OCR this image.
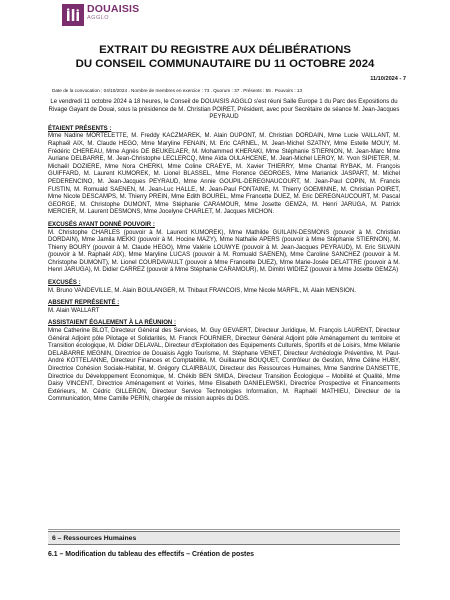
DOUAISIS
AGGLO
EXTRAIT DU REGISTRE AUX DÉLIBÉRATIONS
DU CONSEIL COMMUNAUTAIRE DU 11 OCTOBRE 2024
11/10/2024 - 7
Date de la convocation : 04/10/2024 . Nombre de membres en exercice : 73 . Quorum : 37 . Présents : 55 . Pouvoirs : 13

Le vendredi 11 octobre 2024 à 18 heures, le Conseil de DOUAISIS AGGLO s'est réuni Salle Europe 1 du Parc des Expositions du Rivage Gayant de Douai, sous la présidence de M. Christian POIRET, Président, avec pour Secrétaire de séance M. Jean-Jacques PEYRAUD

ÉTAIENT PRÉSENTS :

Mme Nadine MORTELETTE, M. Freddy KACZMAREK, M. Alain DUPONT, M. Christian DORDAIN, Mme Lucie VAILLANT, M. Raphaël AIX, M. Claude HEGO, Mme Maryline FENAIN, M. Eric CARNEL, M. Jean-Michel SZATNY, Mme Estelle MOUY, M. Frédéric CHEREAU, Mme Agnès DE BEUKELAER, M. Mohammed KHERAKI, Mme Stéphanie STIERNON, M. Jean-Marc Mme Auriane DELBARRE, M. Jean-Christophe LECLERCQ, Mme Aïda OULAHCENE, M. Jean-Michel LEROY, M. Yvon SIPIETER, M. Michaël DOZIERE, Mme Nora CHERKI, Mme Coline CRAEYE, M. Xavier THIERRY, Mme Chantal RYBAK, M. François GUIFFARD, M. Laurent KUMOREK, M. Lionel BLASSEL, Mme Florence GEORGES, Mme Marianick JASPART, M. Michel PEDERENCINO, M. Jean-Jacques PEYRAUD, Mme Annie GOUPIL-DEREGNAUCOURT, M. Jean-Paul COPIN, M. Francis FUSTIN, M. Romuald SAENEN, M. Jean-Luc HALLE, M. Jean-Paul FONTAINE, M. Thierry GOEMINNE, M. Christian POIRET, Mme Nicole DESCAMPS, M. Thierry PREIN, Mme Edith BOUREL, Mme Francette DUEZ, M. Eric DEREGNAUCOURT, M. Pascal GEORGE, M. Christophe DUMONT, Mme Stéphanie CARAMOUR, Mme Josette GEMZA, M. Henri JARUGA, M. Patrick MERCIER, M. Laurent DESMONS, Mme Jocelyne CHARLET, M. Jacques MICHON.

EXCUSÉS AYANT DONNÉ POUVOIR :

M. Christophe CHARLES (pouvoir à M. Laurent KUMOREK), Mme Mathilde GUILAIN-DESMONS (pouvoir à M. Christian DORDAIN), Mme Jamila MEKKI (pouvoir à M. Hocine MAZY), Mme Nathalie APERS (pouvoir à Mme Stéphanie STIERNON), M. Thierry BOURY (pouvoir à M. Claude HEGO), Mme Valérie LOUWYE (pouvoir à M. Jean-Jacques PEYRAUD), M. Eric SILVAIN (pouvoir à M. Raphaël AIX), Mme Maryline LUCAS (pouvoir à M. Romuald SAENEN), Mme Caroline SANCHEZ (pouvoir à M. Christophe DUMONT), M. Lionel COURDAVAULT (pouvoir à Mme Francette DUEZ), Mme Marie-Josée DELATTRE (pouvoir à M. Henri JARUGA), M. Didier CARREZ (pouvoir à Mme Stéphanie CARAMOUR), M. Dimitri WIDIEZ (pouvoir à Mme Josette GEMZA)

EXCUSÉS :

M. Bruno VANDEVILLE, M. Alain BOULANGER, M. Thibaut FRANCOIS, Mme Nicole MARFIL, M. Alain MENSION.

ABSENT REPRÉSENTÉ :

M. Alain WALLART

ASSISTAIENT ÉGALEMENT À LA RÉUNION :

Mme Catherine BLOT, Directeur Général des Services, M. Guy GEVAERT, Directeur Juridique, M. François LAURENT, Directeur Général Adjoint pôle Pilotage et Solidarités, M. Franck FOURNIER, Directeur Général Adjoint pôle Aménagement du territoire et Transition écologique, M. Didier DELAVAL, Directeur d'Exploitation des Equipements Culturels, Sportifs et de Loisirs, Mme Mélanie DELABARRE MEGNIN, Directrice de Douaisis Agglo Tourisme, M. Stéphane VENET, Directeur Archéologie Préventive, M. Paul-André KOTTELANNE, Directeur Finances et Comptabilité, M. Guillaume BOUQUET, Contrôleur de Gestion, Mme Céline HUBY, Directrice Cohésion Sociale-Habitat, M. Grégory CLAIRBAUX, Directeur des Ressources Humaines, Mme Sandrine DANSETTE, Directrice du Développement Economique, M. Chékib BEN SMIDA, Directeur Transition Écologique – Mobilité et Qualité, Mme Daisy VINCENT, Directrice Aménagement et Voiries, Mme Elisabeth DANIELEWSKI, Directrice Prospective et Financements Extérieurs, M. Cédric GILLERON, Directeur Service Technologies Information, M. Raphaël MATHIEU, Directeur de la Communication, Mme Camille PERIN, chargée de mission auprès du DGS.

6 – Ressources Humaines
6.1 – Modification du tableau des effectifs – Création de postes
